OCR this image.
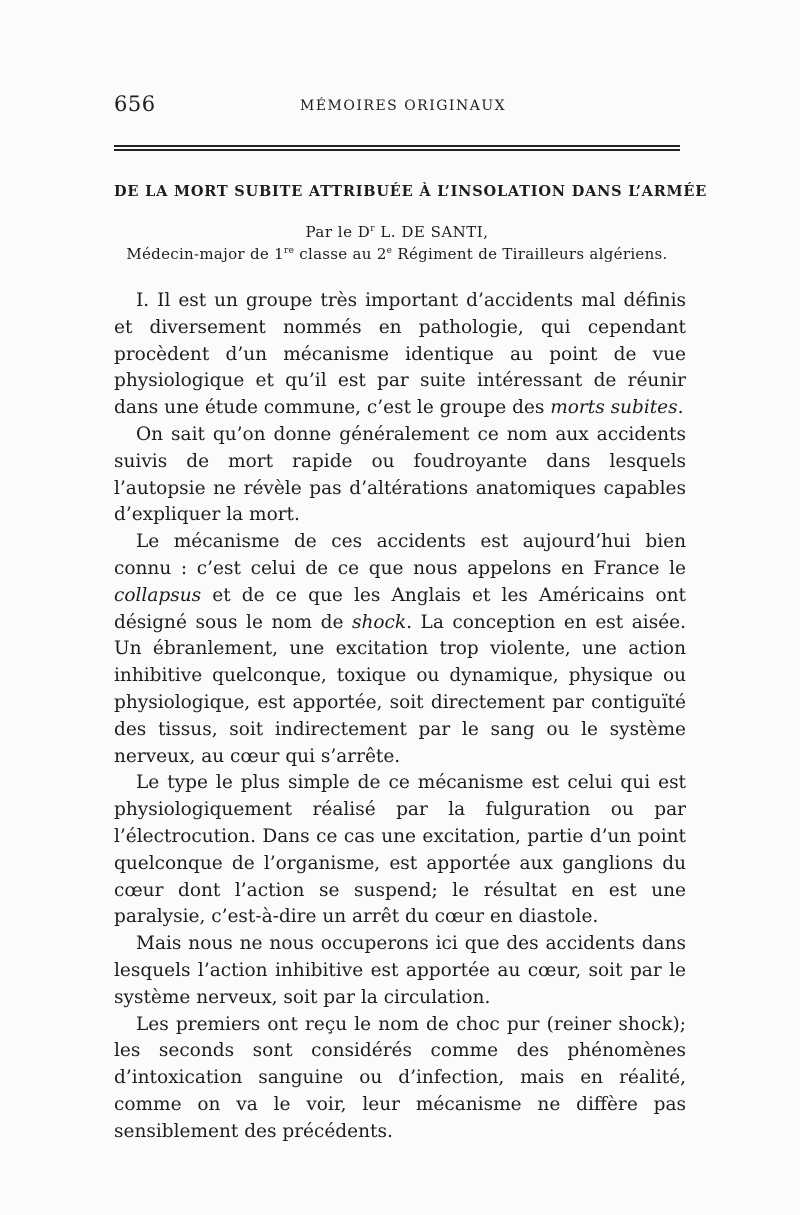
656	MÉMOIRES ORIGINAUX
DE LA MORT SUBITE ATTRIBUÉE À L’INSOLATION DANS L’ARMÉE
Par le $D^r$ L. DE SANTI,
Médecin-major de 1re classe au 2e Régiment de Tirailleurs algériens.

I. Il est un groupe très important d’accidents mal définis et diversement nommés en pathologie, qui cependant procèdent d’un mécanisme identique au point de vue physiologique et qu’il est par suite intéressant de réunir dans une étude commune, c’est le groupe des morts subites.

On sait qu’on donne généralement ce nom aux accidents suivis de mort rapide ou foudroyante dans lesquels l’autopsie ne révèle pas d’altérations anatomiques capables d’expliquer la mort.

Le mécanisme de ces accidents est aujourd’hui bien connu : c’est celui de ce que nous appelons en France le collapsus et de ce que les Anglais et les Américains ont désigné sous le nom de shock. La conception en est aisée. Un ébranlement, une excitation trop violente, une action inhibitive quelconque, toxique ou dynamique, physique ou physiologique, est apportée, soit directement par contiguïté des tissus, soit indirectement par le sang ou le système nerveux, au cœur qui s’arrête.

Le type le plus simple de ce mécanisme est celui qui est physiologiquement réalisé par la fulguration ou par l’électrocution. Dans ce cas une excitation, partie d’un point quelconque de l’organisme, est apportée aux ganglions du cœur dont l’action se suspend; le résultat en est une paralysie, c’est-à-dire un arrêt du cœur en diastole.

Mais nous ne nous occuperons ici que des accidents dans lesquels l’action inhibitive est apportée au cœur, soit par le système nerveux, soit par la circulation.

Les premiers ont reçu le nom de choc pur (reiner shock); les seconds sont considérés comme des phénomènes d’intoxication sanguine ou d’infection, mais en réalité, comme on va le voir, leur mécanisme ne diffère pas sensiblement des précédents.
